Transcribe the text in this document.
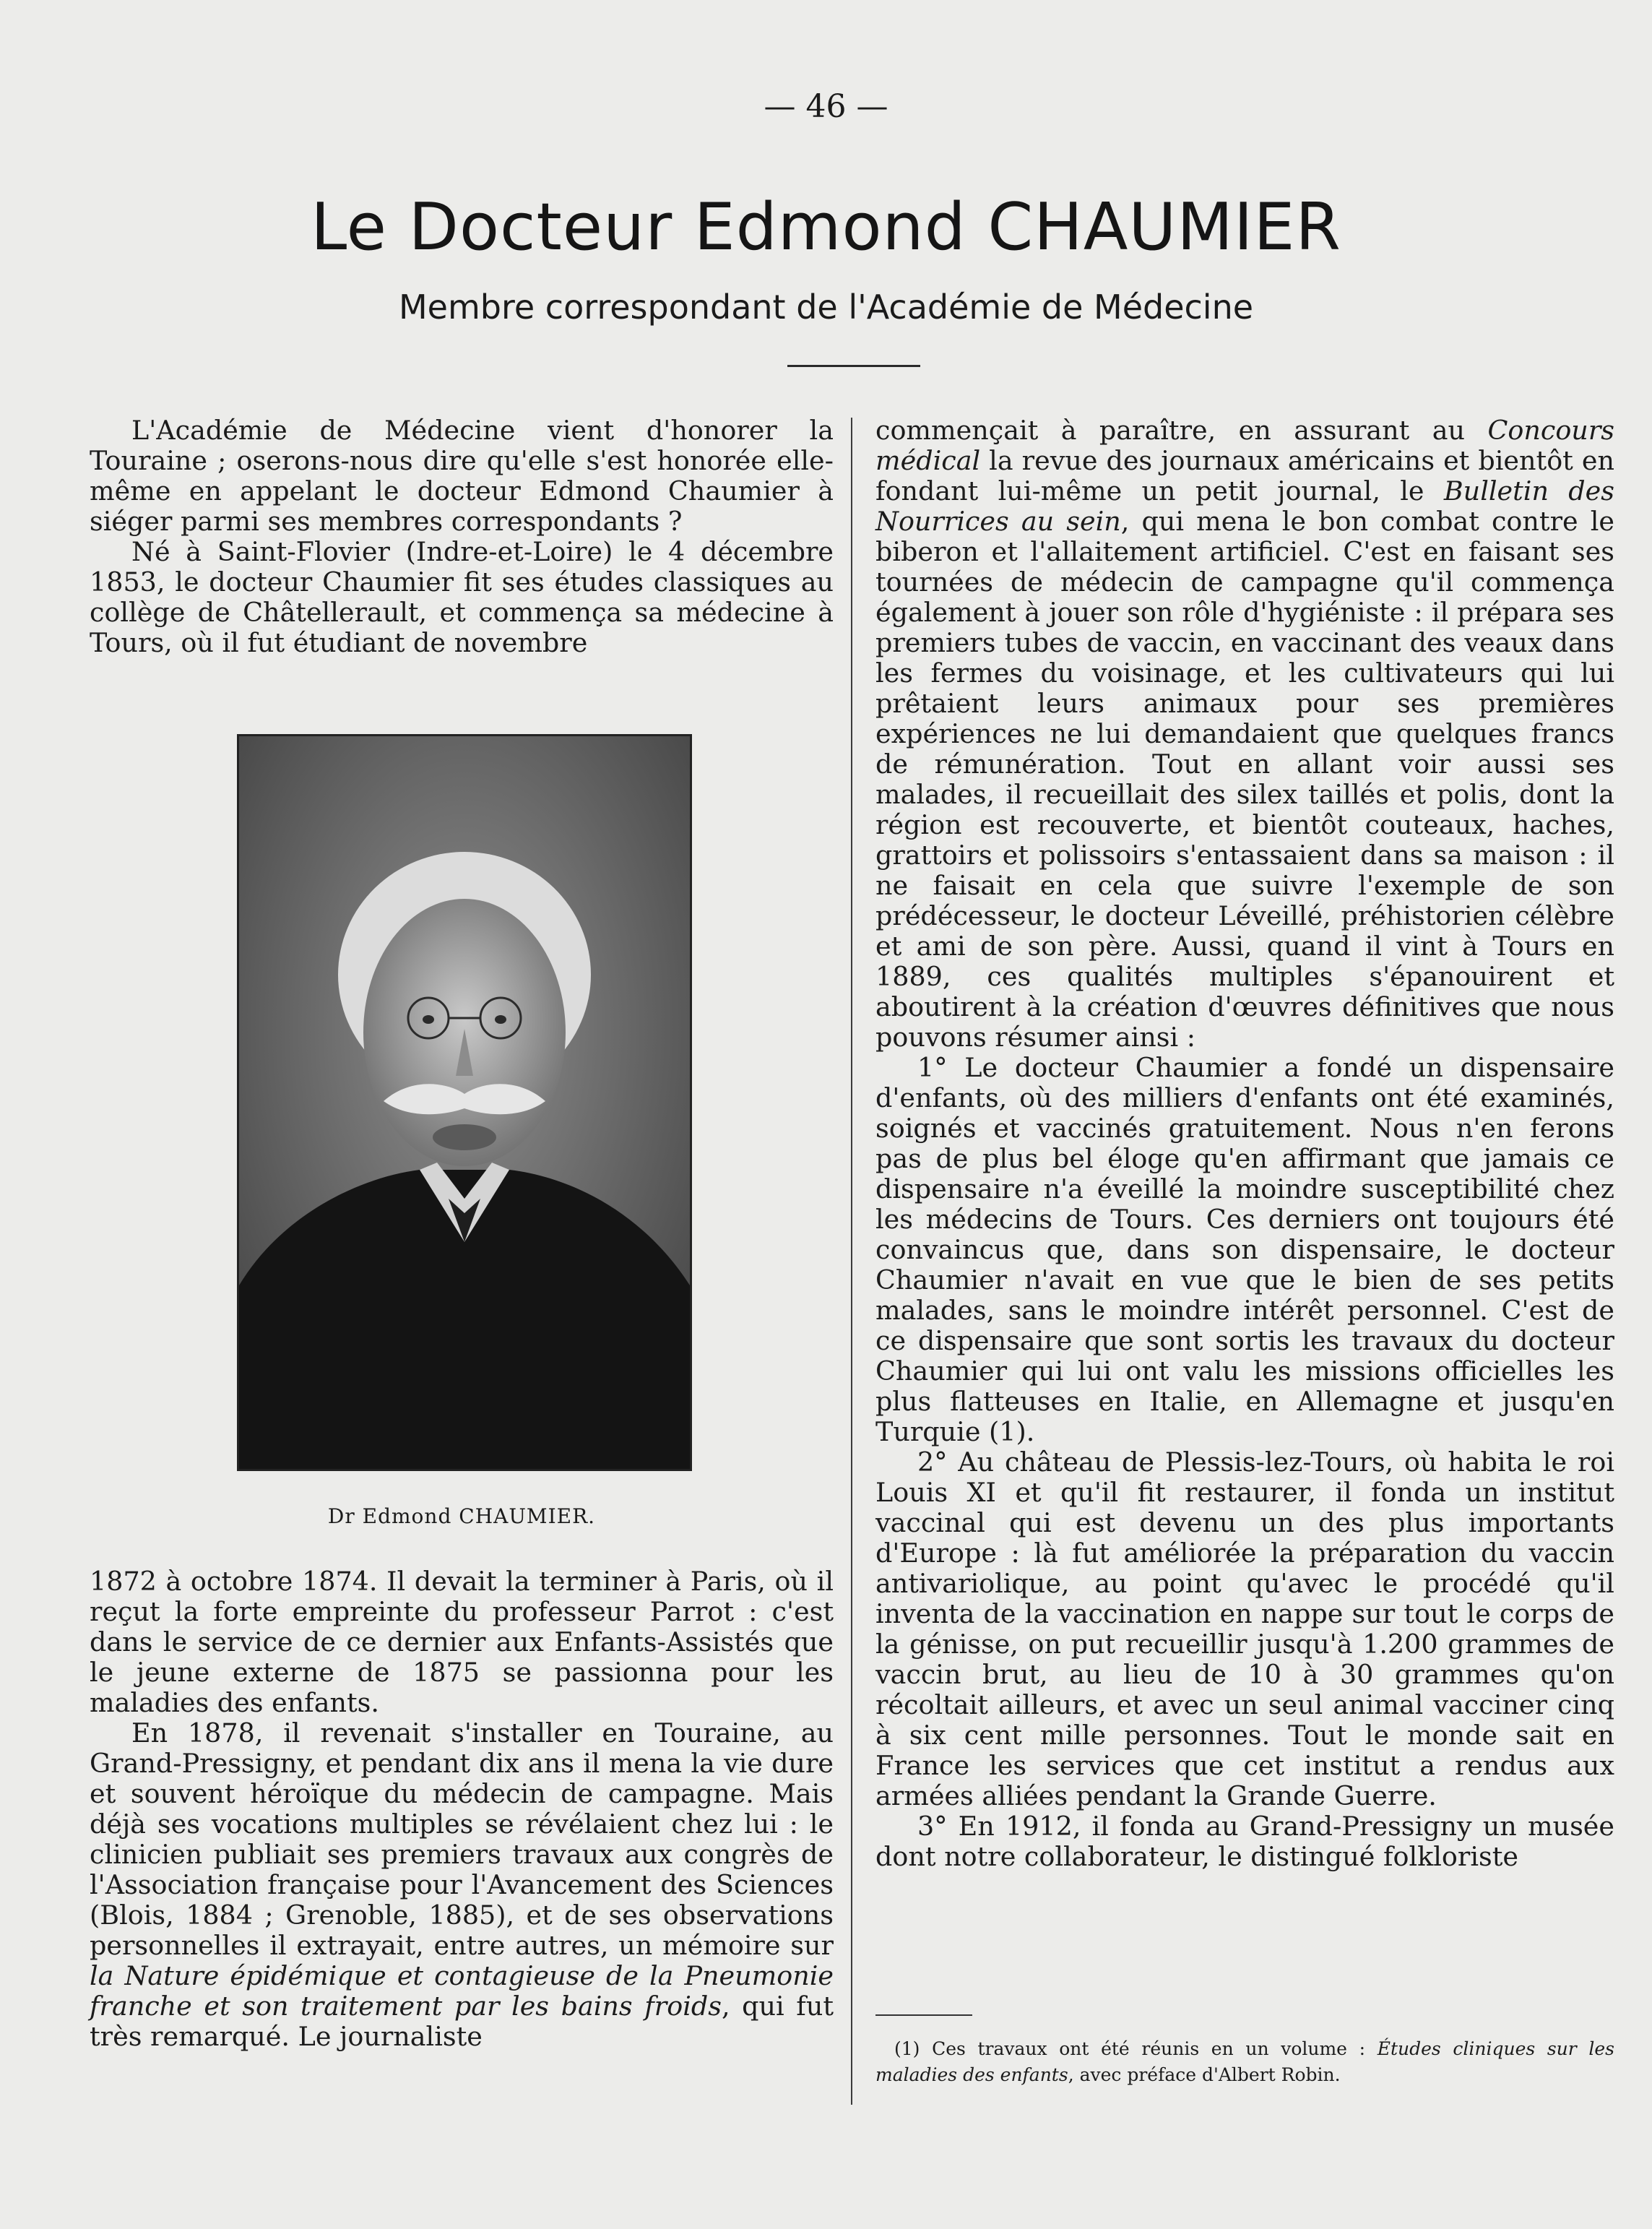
— 46 —
Le Docteur Edmond CHAUMIER
Membre correspondant de l'Académie de Médecine

L'Académie de Médecine vient d'honorer la Touraine ; oserons-nous dire qu'elle s'est honorée elle-même en appelant le docteur Edmond Chaumier à siéger parmi ses membres correspondants ?

Né à Saint-Flovier (Indre-et-Loire) le 4 décembre 1853, le docteur Chaumier fit ses études classiques au collège de Châtellerault, et commença sa médecine à Tours, où il fut étudiant de novembre

Dr Edmond CHAUMIER.

1872 à octobre 1874. Il devait la terminer à Paris, où il reçut la forte empreinte du professeur Parrot : c'est dans le service de ce dernier aux Enfants-Assistés que le jeune externe de 1875 se passionna pour les maladies des enfants.

En 1878, il revenait s'installer en Touraine, au Grand-Pressigny, et pendant dix ans il mena la vie dure et souvent héroïque du médecin de campagne. Mais déjà ses vocations multiples se révélaient chez lui : le clinicien publiait ses premiers travaux aux congrès de l'Association française pour l'Avancement des Sciences (Blois, 1884 ; Grenoble, 1885), et de ses observations personnelles il extrayait, entre autres, un mémoire sur la Nature épidémique et contagieuse de la Pneumonie franche et son traitement par les bains froids, qui fut très remarqué. Le journaliste

commençait à paraître, en assurant au Concours médical la revue des journaux américains et bientôt en fondant lui-même un petit journal, le Bulletin des Nourrices au sein, qui mena le bon combat contre le biberon et l'allaitement artificiel. C'est en faisant ses tournées de médecin de campagne qu'il commença également à jouer son rôle d'hygiéniste : il prépara ses premiers tubes de vaccin, en vaccinant des veaux dans les fermes du voisinage, et les cultivateurs qui lui prêtaient leurs animaux pour ses premières expériences ne lui demandaient que quelques francs de rémunération. Tout en allant voir aussi ses malades, il recueillait des silex taillés et polis, dont la région est recouverte, et bientôt couteaux, haches, grattoirs et polissoirs s'entassaient dans sa maison : il ne faisait en cela que suivre l'exemple de son prédécesseur, le docteur Léveillé, préhistorien célèbre et ami de son père. Aussi, quand il vint à Tours en 1889, ces qualités multiples s'épanouirent et aboutirent à la création d'œuvres définitives que nous pouvons résumer ainsi :

1° Le docteur Chaumier a fondé un dispensaire d'enfants, où des milliers d'enfants ont été examinés, soignés et vaccinés gratuitement. Nous n'en ferons pas de plus bel éloge qu'en affirmant que jamais ce dispensaire n'a éveillé la moindre susceptibilité chez les médecins de Tours. Ces derniers ont toujours été convaincus que, dans son dispensaire, le docteur Chaumier n'avait en vue que le bien de ses petits malades, sans le moindre intérêt personnel. C'est de ce dispensaire que sont sortis les travaux du docteur Chaumier qui lui ont valu les missions officielles les plus flatteuses en Italie, en Allemagne et jusqu'en Turquie (1).

2° Au château de Plessis-lez-Tours, où habita le roi Louis XI et qu'il fit restaurer, il fonda un institut vaccinal qui est devenu un des plus importants d'Europe : là fut améliorée la préparation du vaccin antivariolique, au point qu'avec le procédé qu'il inventa de la vaccination en nappe sur tout le corps de la génisse, on put recueillir jusqu'à 1.200 grammes de vaccin brut, au lieu de 10 à 30 grammes qu'on récoltait ailleurs, et avec un seul animal vacciner cinq à six cent mille personnes. Tout le monde sait en France les services que cet institut a rendus aux armées alliées pendant la Grande Guerre.

3° En 1912, il fonda au Grand-Pressigny un musée dont notre collaborateur, le distingué folkloriste

(1) Ces travaux ont été réunis en un volume : Études cliniques sur les maladies des enfants, avec préface d'Albert Robin.
